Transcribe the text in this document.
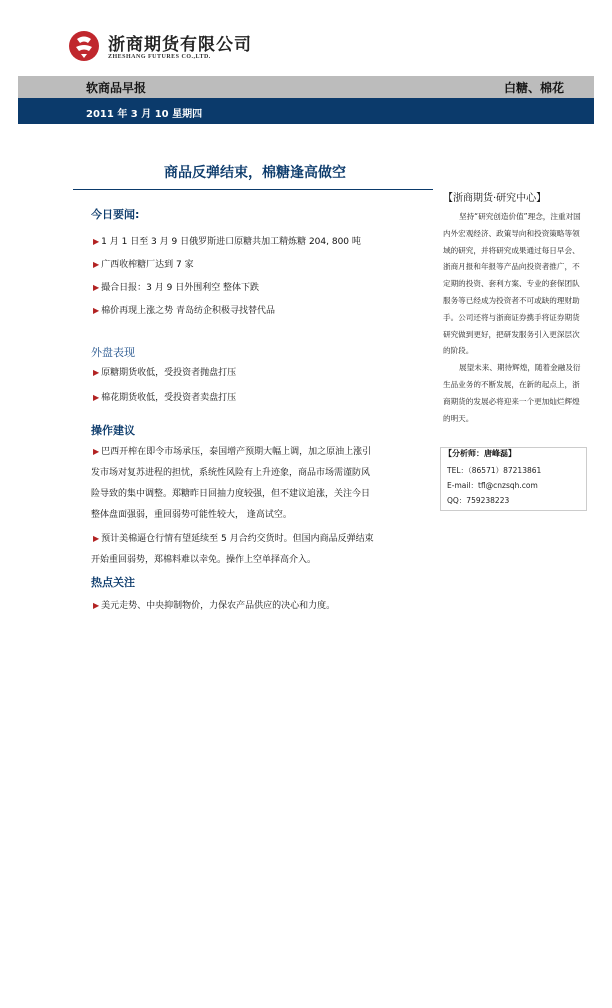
浙商期货有限公司
ZHESHANG FUTURES CO.,LTD.
软商品早报	白糖、棉花
2011 年 3 月 10 星期四
商品反弹结束，棉糖逢高做空
今日要闻:
▶ 1 月 1 日至 3 月 9 日俄罗斯进口原糖共加工精炼糖 204, 800 吨
▶ 广西收榨糖厂达到 7 家
▶ 撮合日报：3 月 9 日外围利空 整体下跌
▶ 棉价再现上涨之势 青岛纺企积极寻找替代品
外盘表现
▶ 原糖期货收低，受投资者抛盘打压
▶ 棉花期货收低，受投资者卖盘打压
操作建议
▶ 巴西开榨在即令市场承压，泰国增产预期大幅上调，加之原油上涨引
发市场对复苏进程的担忧，系统性风险有上升迹象，商品市场需谨防风
险导致的集中调整。郑糖昨日回抽力度较强，但不建议追涨，关注今日
整体盘面强弱，重回弱势可能性较大， 逢高试空。
▶ 预计美棉逼仓行情有望延续至 5 月合约交货时。但国内商品反弹结束
开始重回弱势，郑棉料难以幸免。操作上空单择高介入。
热点关注
▶ 美元走势、中央抑制物价，力保农产品供应的决心和力度。
【浙商期货·研究中心】

坚持“研究创造价值”理念，注重对国内外宏观经济、政策导向和投资策略等领域的研究，并将研究成果通过每日早会、浙商月报和年报等产品向投资者推广，不定期的投资、套利方案、专业的套保团队服务等已经成为投资者不可或缺的理财助手。公司还将与浙商证券携手将证券期货研究做到更好，把研发服务引入更深层次的阶段。

展望未来、期待辉煌，随着金融及衍生品业务的不断发展，在新的起点上，浙商期货的发展必将迎来一个更加灿烂辉煌的明天。

【分析师：唐峰磊】
TEL：（86571）87213861
E-mail：tfl@cnzsqh.com
QQ：759238223
